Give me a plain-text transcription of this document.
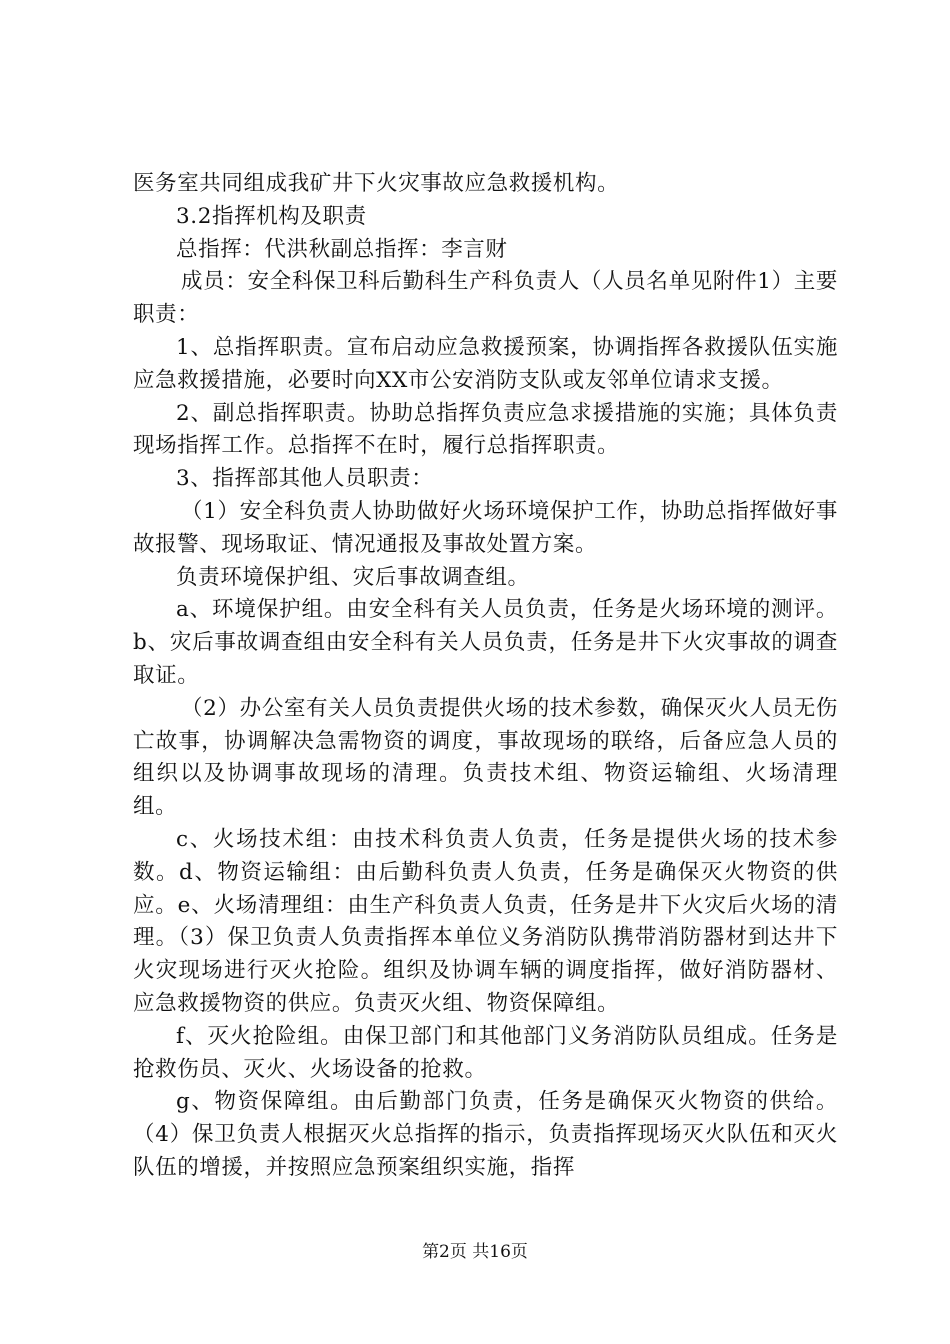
医务室共同组成我矿井下火灾事故应急救援机构。

3.2指挥机构及职责

总指挥：代洪秋副总指挥：李言财

成员：安全科保卫科后勤科生产科负责人（人员名单见附件1）主要职责：

1、总指挥职责。宣布启动应急救援预案，协调指挥各救援队伍实施应急救援措施，必要时向XX市公安消防支队或友邻单位请求支援。

2、副总指挥职责。协助总指挥负责应急求援措施的实施；具体负责现场指挥工作。总指挥不在时，履行总指挥职责。

3、指挥部其他人员职责：

（1）安全科负责人协助做好火场环境保护工作，协助总指挥做好事故报警、现场取证、情况通报及事故处置方案。

负责环境保护组、灾后事故调查组。

a、环境保护组。由安全科有关人员负责，任务是火场环境的测评。b、灾后事故调查组由安全科有关人员负责，任务是井下火灾事故的调查取证。

（2）办公室有关人员负责提供火场的技术参数，确保灭火人员无伤亡故事，协调解决急需物资的调度，事故现场的联络，后备应急人员的组织以及协调事故现场的清理。负责技术组、物资运输组、火场清理组。

c、火场技术组：由技术科负责人负责，任务是提供火场的技术参数。d、物资运输组：由后勤科负责人负责，任务是确保灭火物资的供应。e、火场清理组：由生产科负责人负责，任务是井下火灾后火场的清理。（3）保卫负责人负责指挥本单位义务消防队携带消防器材到达井下火灾现场进行灭火抢险。组织及协调车辆的调度指挥，做好消防器材、应急救援物资的供应。负责灭火组、物资保障组。

f、灭火抢险组。由保卫部门和其他部门义务消防队员组成。任务是抢救伤员、灭火、火场设备的抢救。

g、物资保障组。由后勤部门负责，任务是确保灭火物资的供给。（4）保卫负责人根据灭火总指挥的指示，负责指挥现场灭火队伍和灭火队伍的增援，并按照应急预案组织实施，指挥

第2页 共16页
